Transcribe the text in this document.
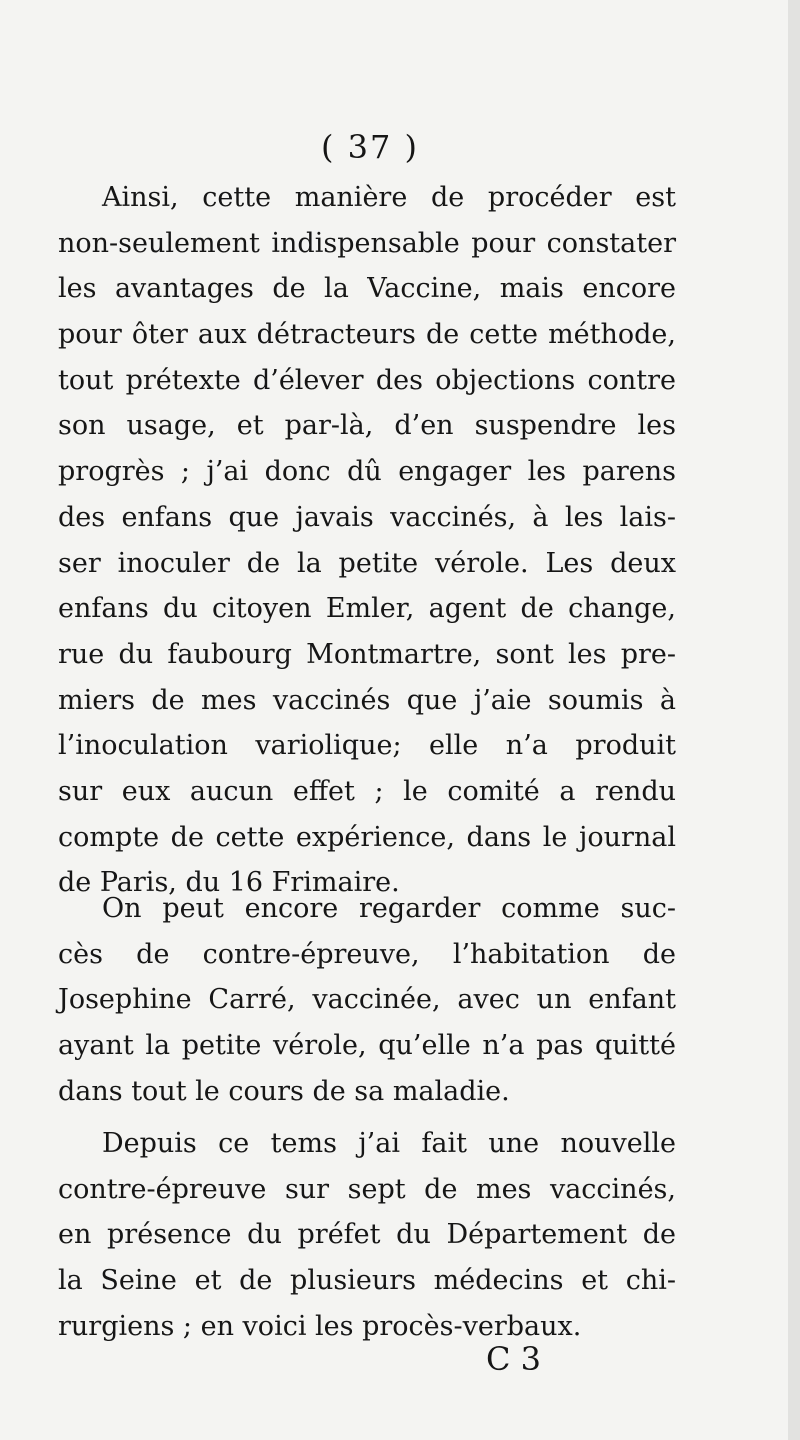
( 37 )
Ainsi, cette manière de procéder est
non-seulement indispensable pour constater
les avantages de la Vaccine, mais encore
pour ôter aux détracteurs de cette méthode,
tout prétexte d’élever des objections contre
son usage, et par-là, d’en suspendre les
progrès ; j’ai donc dû engager les parens
des enfans que javais vaccinés, à les lais-
ser inoculer de la petite vérole. Les deux
enfans du citoyen Emler, agent de change,
rue du faubourg Montmartre, sont les pre-
miers de mes vaccinés que j’aie soumis à
l’inoculation variolique; elle n’a produit
sur eux aucun effet ; le comité a rendu
compte de cette expérience, dans le journal
de Paris, du 16 Frimaire.
On peut encore regarder comme suc-
cès de contre-épreuve, l’habitation de
Josephine Carré, vaccinée, avec un enfant
ayant la petite vérole, qu’elle n’a pas quitté
dans tout le cours de sa maladie.
Depuis ce tems j’ai fait une nouvelle
contre-épreuve sur sept de mes vaccinés,
en présence du préfet du Département de
la Seine et de plusieurs médecins et chi-
rurgiens ; en voici les procès-verbaux.

C 3
